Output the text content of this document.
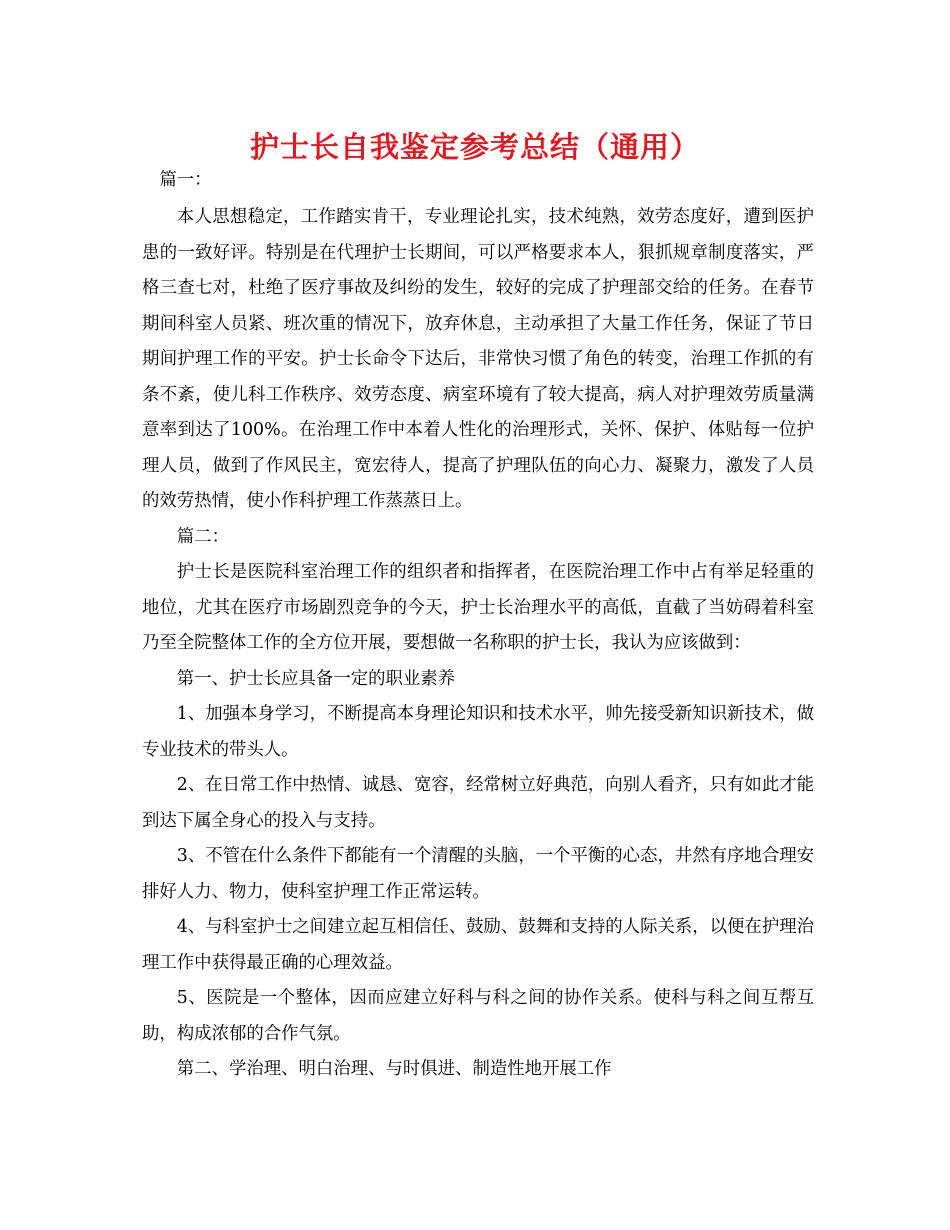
护士长自我鉴定参考总结（通用）

篇一：

本人思想稳定，工作踏实肯干，专业理论扎实，技术纯熟，效劳态度好，遭到医护患的一致好评。特别是在代理护士长期间，可以严格要求本人，狠抓规章制度落实，严格三查七对，杜绝了医疗事故及纠纷的发生，较好的完成了护理部交给的任务。在春节期间科室人员紧、班次重的情况下，放弃休息，主动承担了大量工作任务，保证了节日期间护理工作的平安。护士长命令下达后，非常快习惯了角色的转变，治理工作抓的有条不紊，使儿科工作秩序、效劳态度、病室环境有了较大提高，病人对护理效劳质量满意率到达了100%。在治理工作中本着人性化的治理形式，关怀、保护、体贴每一位护理人员，做到了作风民主，宽宏待人，提高了护理队伍的向心力、凝聚力，激发了人员的效劳热情，使小作科护理工作蒸蒸日上。

篇二：

护士长是医院科室治理工作的组织者和指挥者，在医院治理工作中占有举足轻重的地位，尤其在医疗市场剧烈竞争的今天，护士长治理水平的高低，直截了当妨碍着科室乃至全院整体工作的全方位开展，要想做一名称职的护士长，我认为应该做到：

第一、护士长应具备一定的职业素养

1、加强本身学习，不断提高本身理论知识和技术水平，帅先接受新知识新技术，做专业技术的带头人。

2、在日常工作中热情、诚恳、宽容，经常树立好典范，向别人看齐，只有如此才能到达下属全身心的投入与支持。

3、不管在什么条件下都能有一个清醒的头脑，一个平衡的心态，井然有序地合理安排好人力、物力，使科室护理工作正常运转。

4、与科室护士之间建立起互相信任、鼓励、鼓舞和支持的人际关系，以便在护理治理工作中获得最正确的心理效益。

5、医院是一个整体，因而应建立好科与科之间的协作关系。使科与科之间互帮互助，构成浓郁的合作气氛。

第二、学治理、明白治理、与时俱进、制造性地开展工作
